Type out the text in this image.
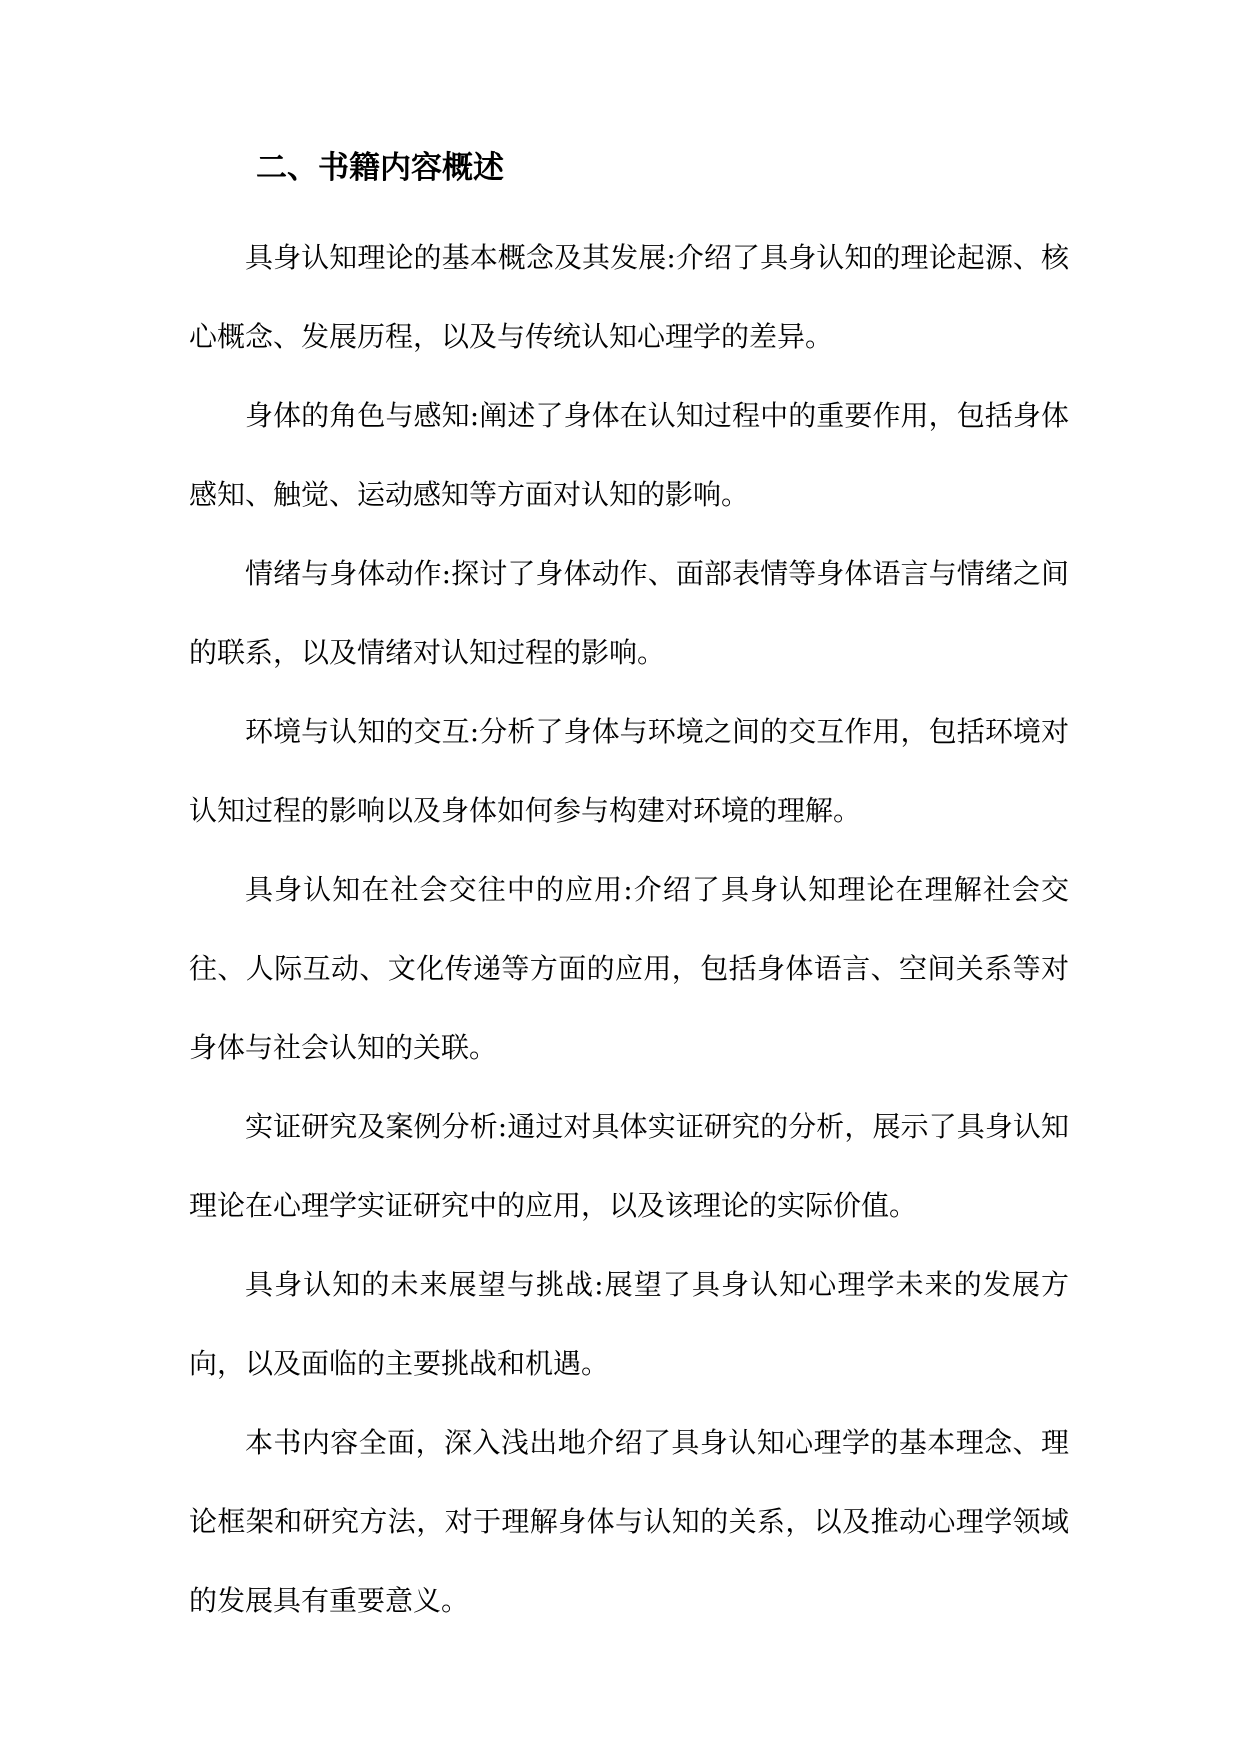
二、书籍内容概述

具身认知理论的基本概念及其发展:介绍了具身认知的理论起源、核心概念、发展历程，以及与传统认知心理学的差异。

身体的角色与感知:阐述了身体在认知过程中的重要作用，包括身体感知、触觉、运动感知等方面对认知的影响。

情绪与身体动作:探讨了身体动作、面部表情等身体语言与情绪之间的联系，以及情绪对认知过程的影响。

环境与认知的交互:分析了身体与环境之间的交互作用，包括环境对认知过程的影响以及身体如何参与构建对环境的理解。

具身认知在社会交往中的应用:介绍了具身认知理论在理解社会交往、人际互动、文化传递等方面的应用，包括身体语言、空间关系等对身体与社会认知的关联。

实证研究及案例分析:通过对具体实证研究的分析，展示了具身认知理论在心理学实证研究中的应用，以及该理论的实际价值。

具身认知的未来展望与挑战:展望了具身认知心理学未来的发展方向，以及面临的主要挑战和机遇。

本书内容全面，深入浅出地介绍了具身认知心理学的基本理念、理论框架和研究方法，对于理解身体与认知的关系，以及推动心理学领域的发展具有重要意义。
